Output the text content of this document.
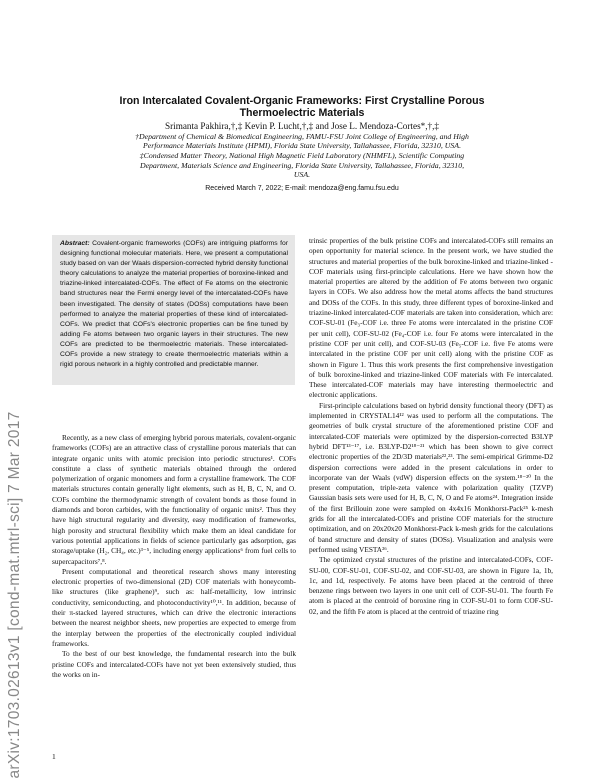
arXiv:1703.02613v1 [cond-mat.mtrl-sci] 7 Mar 2017
Iron Intercalated Covalent-Organic Frameworks: First Crystalline Porous
Thermoelectric Materials
Srimanta Pakhira,†,‡ Kevin P. Lucht,†,‡ and Jose L. Mendoza-Cortes*,†,‡
†Department of Chemical & Biomedical Engineering, FAMU-FSU Joint College of Engineering, and High
Performance Materials Institute (HPMI), Florida State University, Tallahassee, Florida, 32310, USA.
‡Condensed Matter Theory, National High Magnetic Field Laboratory (NHMFL), Scientific Computing
Department, Materials Science and Engineering, Florida State University, Tallahassee, Florida, 32310,
USA.
Received March 7, 2022; E-mail: mendoza@eng.famu.fsu.edu
Abstract: Covalent-organic frameworks (COFs) are intriguing platforms for designing functional molecular materials. Here, we present a computational study based on van der Waals dispersion-corrected hybrid density functional theory calculations to analyze the material properties of boroxine-linked and triazine-linked intercalated-COFs. The effect of Fe atoms on the electronic band structures near the Fermi energy level of the intercalated-COFs have been investigated. The density of states (DOSs) computations have been performed to analyze the material properties of these kind of intercalated-COFs. We predict that COFs's electronic properties can be fine tuned by adding Fe atoms between two organic layers in their structures. The new COFs are predicted to be thermoelectric materials. These intercalated-COFs provide a new strategy to create thermoelectric materials within a rigid porous network in a highly controlled and predictable manner.

Recently, as a new class of emerging hybrid porous materials, covalent-organic frameworks (COFs) are an attractive class of crystalline porous materials that can integrate organic units with atomic precision into periodic structures¹. COFs constitute a class of synthetic materials obtained through the ordered polymerization of organic monomers and form a crystalline framework. The COF materials structures contain generally light elements, such as H, B, C, N, and O. COFs combine the thermodynamic strength of covalent bonds as those found in diamonds and boron carbides, with the functionality of organic units². Thus they have high structural regularity and diversity, easy modification of frameworks, high porosity and structural flexibility which make them an ideal candidate for various potential applications in fields of science particularly gas adsorption, gas storage/uptake (H₂, CH₄, etc.)³⁻⁵, including energy applications⁶ from fuel cells to supercapacitors⁷,⁸.

Present computational and theoretical research shows many interesting electronic properties of two-dimensional (2D) COF materials with honeycomb-like structures (like graphene)⁹, such as: half-metallicity, low intrinsic conductivity, semiconducting, and photoconductivity¹⁰,¹¹. In addition, because of their π-stacked layered structures, which can drive the electronic interactions between the nearest neighbor sheets, new properties are expected to emerge from the interplay between the properties of the electronically coupled individual frameworks.

To the best of our best knowledge, the fundamental research into the bulk pristine COFs and intercalated-COFs have not yet been extensively studied, thus the works on in-

trinsic properties of the bulk pristine COFs and intercalated-COFs still remains an open opportunity for material science. In the present work, we have studied the structures and material properties of the bulk boroxine-linked and triazine-linked -COF materials using first-principle calculations. Here we have shown how the material properties are altered by the addition of Fe atoms between two organic layers in COFs. We also address how the metal atoms affects the band structures and DOSs of the COFs. In this study, three different types of boroxine-linked and triazine-linked intercalated-COF materials are taken into consideration, which are: COF-SU-01 (Fe₃-COF i.e. three Fe atoms were intercalated in the pristine COF per unit cell), COF-SU-02 (Fe₄-COF i.e. four Fe atoms were intercalated in the pristine COF per unit cell), and COF-SU-03 (Fe₅-COF i.e. five Fe atoms were intercalated in the pristine COF per unit cell) along with the pristine COF as shown in Figure 1. Thus this work presents the first comprehensive investigation of bulk boroxine-linked and triazine-linked COF materials with Fe intercalated. These intercalated-COF materials may have interesting thermoelectric and electronic applications.

First-principle calculations based on hybrid density functional theory (DFT) as implemented in CRYSTAL14¹² was used to perform all the computations. The geometries of bulk crystal structure of the aforementioned pristine COF and intercalated-COF materials were optimized by the dispersion-corrected B3LYP hybrid DFT¹³⁻¹⁷, i.e. B3LYP-D2¹⁸⁻²¹ which has been shown to give correct electronic properties of the 2D/3D materials²²,²³. The semi-empirical Grimme-D2 dispersion corrections were added in the present calculations in order to incorporate van der Waals (vdW) dispersion effects on the system.¹⁸⁻²⁰ In the present computation, triple-zeta valence with polarization quality (TZVP) Gaussian basis sets were used for H, B, C, N, O and Fe atoms²⁴. Integration inside of the first Brillouin zone were sampled on 4x4x16 Monkhorst-Pack²⁵ k-mesh grids for all the intercalated-COFs and pristine COF materials for the structure optimization, and on 20x20x20 Monkhorst-Pack k-mesh grids for the calculations of band structure and density of states (DOSs). Visualization and analysis were performed using VESTA²⁶.

The optimized crystal structures of the pristine and intercalated-COFs, COF-SU-00, COF-SU-01, COF-SU-02, and COF-SU-03, are shown in Figure 1a, 1b, 1c, and 1d, respectively. Fe atoms have been placed at the centroid of three benzene rings between two layers in one unit cell of COF-SU-01. The fourth Fe atom is placed at the centroid of boroxine ring in COF-SU-01 to form COF-SU-02, and the fifth Fe atom is placed at the centroid of triazine ring

1
